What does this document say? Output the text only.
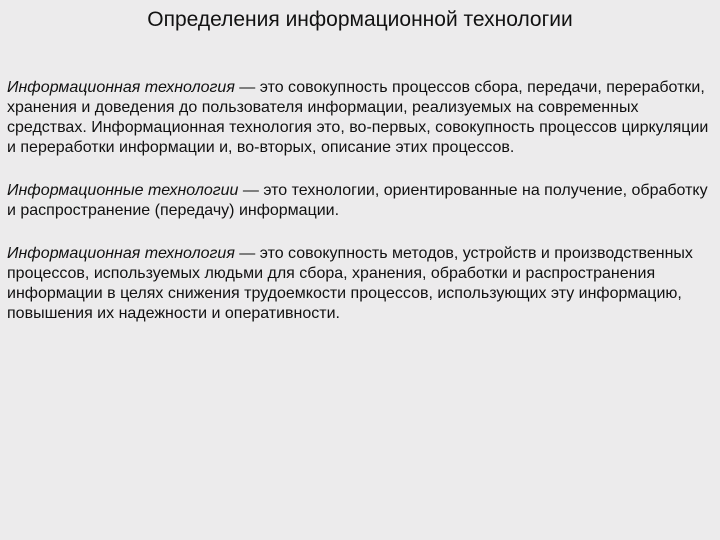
Определения информационной технологии

Информационная технология — это совокупность процессов сбора, передачи, переработки, хранения и доведения до пользователя информации, реализуемых на современных средствах. Информационная технология это, во-первых, совокупность процессов циркуляции и переработки информации и, во-вторых, описание этих процессов.

Информационные технологии — это технологии, ориентированные на получение, обработку и распространение (передачу) информации.

Информационная технология — это совокупность методов, устройств и производственных процессов, используемых людьми для сбора, хранения, обработки и распространения информации в целях снижения трудоемкости процессов, использующих эту информацию, повышения их надежности и оперативности.
